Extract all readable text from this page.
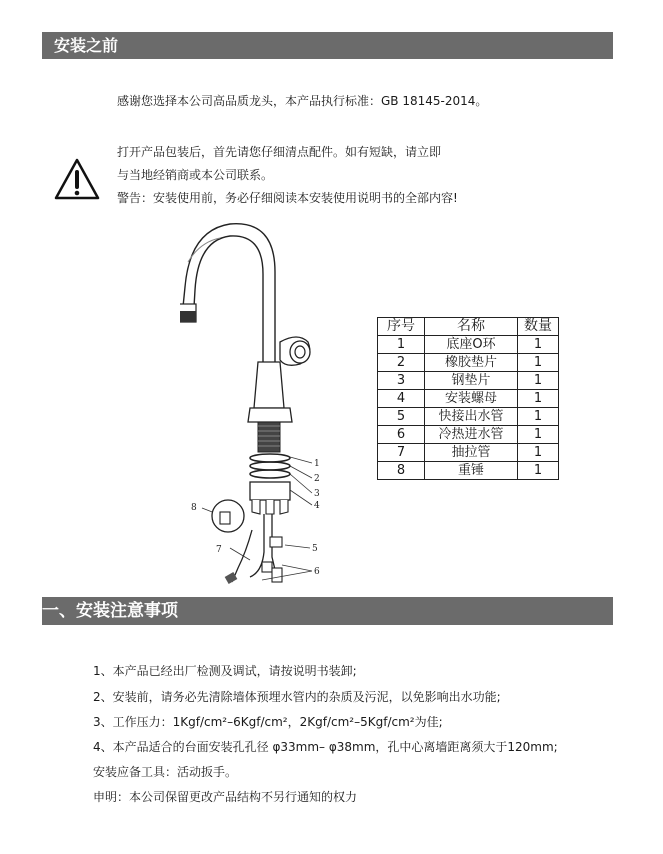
安装之前
感谢您选择本公司高品质龙头，本产品执行标准：GB 18145-2014。
打开产品包装后，首先请您仔细清点配件。如有短缺，请立即
与当地经销商或本公司联系。
警告：安装使用前，务必仔细阅读本安装使用说明书的全部内容!
1
2
3
4
5
6
7
8
序号	名称	数量
1	底座O环	1
2	橡胶垫片	1
3	钢垫片	1
4	安装螺母	1
5	快接出水管	1
6	冷热进水管	1
7	抽拉管	1
8	重锤	1
一、安装注意事项
1、本产品已经出厂检测及调试，请按说明书装卸;
2、安装前，请务必先清除墙体预埋水管内的杂质及污泥，以免影响出水功能;
3、工作压力：1Kgf/cm²–6Kgf/cm²，2Kgf/cm²–5Kgf/cm²为佳;
4、本产品适合的台面安装孔孔径 φ33mm– φ38mm，孔中心离墙距离须大于120mm;
安装应备工具：活动扳手。
申明：本公司保留更改产品结构不另行通知的权力
